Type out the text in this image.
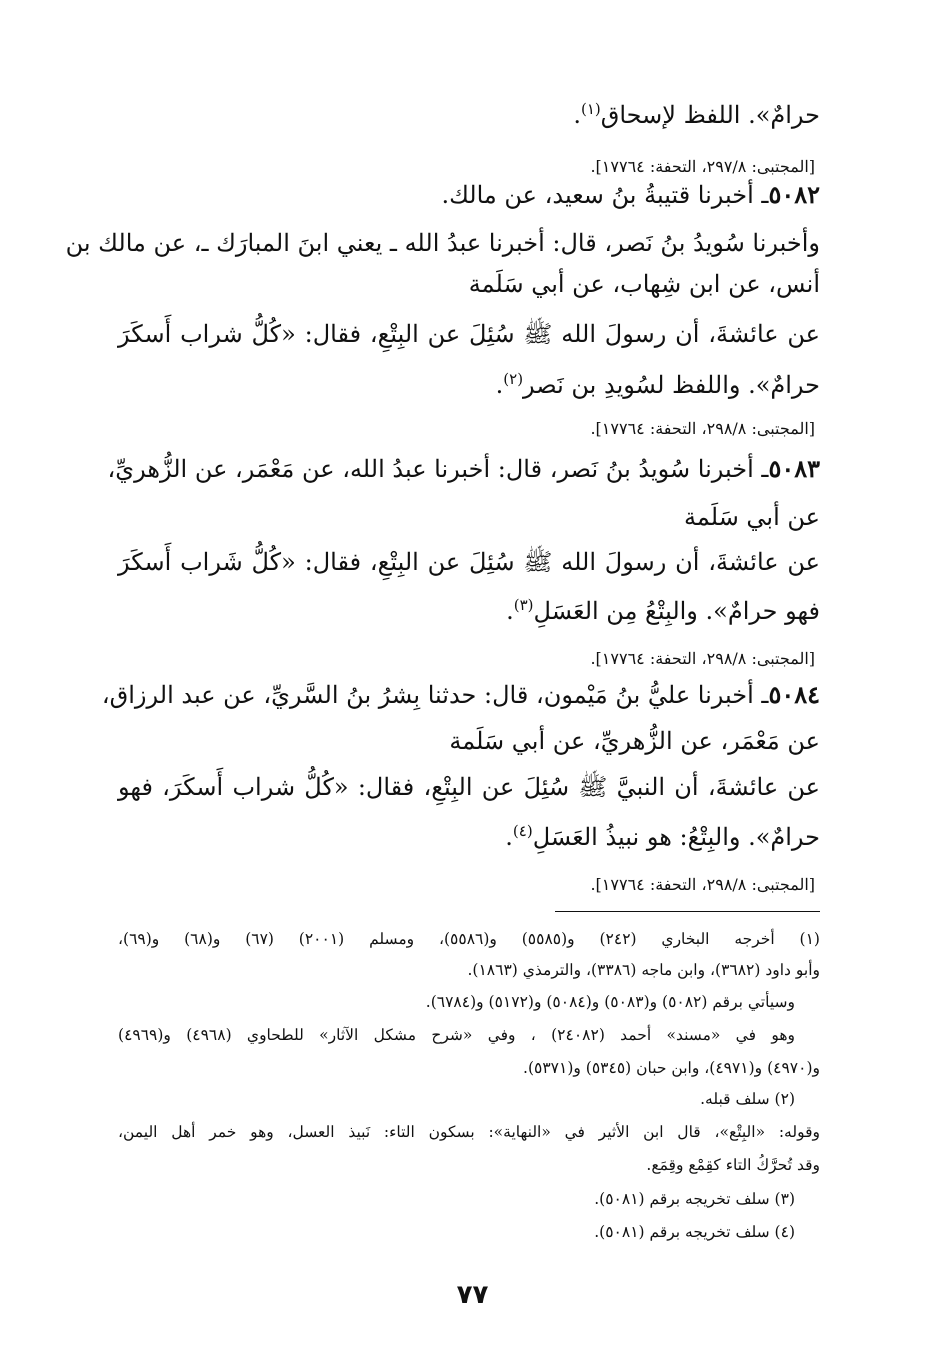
حرامٌ». اللفظ لإسحاق$^{(١)}$.
[المجتبى: ٢٩٧/٨، التحفة: ١٧٧٦٤].
٥٠٨٢ـ أخبرنا قتيبةُ بنُ سعيد، عن مالك.
وأخبرنا سُويدُ بنُ نَصر، قال: أخبرنا عبدُ الله ـ يعني ابنَ المبارَك ـ، عن مالك بن
أنس، عن ابن شِهاب، عن أبي سَلَمة
عن عائشةَ، أن رسولَ الله ﷺ سُئِلَ عن البِتْعِ، فقال: «كُلُّ شراب أَسكَرَ
حرامٌ». واللفظ لسُويدِ بن نَصر$^{(٢)}$.
[المجتبى: ٢٩٨/٨، التحفة: ١٧٧٦٤].
٥٠٨٣ـ أخبرنا سُويدُ بنُ نَصر، قال: أخبرنا عبدُ الله، عن مَعْمَر، عن الزُّهريِّ،
عن أبي سَلَمة
عن عائشةَ، أن رسولَ الله ﷺ سُئِلَ عن البِتْعِ، فقال: «كُلُّ شَراب أَسكَرَ
فهو حرامٌ». والبِتْعُ مِن العَسَلِ$^{(٣)}$.
[المجتبى: ٢٩٨/٨، التحفة: ١٧٧٦٤].
٥٠٨٤ـ أخبرنا عليُّ بنُ مَيْمون، قال: حدثنا بِشرُ بنُ السَّريِّ، عن عبد الرزاق،
عن مَعْمَر، عن الزُّهريِّ، عن أبي سَلَمة
عن عائشةَ، أن النبيَّ ﷺ سُئِلَ عن البِتْعِ، فقال: «كُلُّ شراب أَسكَرَ، فهو
حرامٌ». والبِتْعُ: هو نبيذُ العَسَلِ$^{(٤)}$.
[المجتبى: ٢٩٨/٨، التحفة: ١٧٧٦٤].
(١) أخرجه البخاري (٢٤٢) و(٥٥٨٥) و(٥٥٨٦)، ومسلم (٢٠٠١) (٦٧) و(٦٨) و(٦٩)،
وأبو داود (٣٦٨٢)، وابن ماجه (٣٣٨٦)، والترمذي (١٨٦٣).
وسيأتي برقم (٥٠٨٢) و(٥٠٨٣) و(٥٠٨٤) و(٥١٧٢) و(٦٧٨٤).
وهو في «مسند» أحمد (٢٤٠٨٢) ، وفي «شرح مشكل الآثار» للطحاوي (٤٩٦٨) و(٤٩٦٩)
و(٤٩٧٠) و(٤٩٧١)، وابن حبان (٥٣٤٥) و(٥٣٧١).
(٢) سلف قبله.
وقوله: «البِتْع»، قال ابن الأثير في «النهاية»: بسكون التاء: نَبيذ العسل، وهو خمر أهل اليمن،
وقد تُحرَّكُ التاء كقِمْع وقِمَع.
(٣) سلف تخريجه برقم (٥٠٨١).
(٤) سلف تخريجه برقم (٥٠٨١).
٧٧
